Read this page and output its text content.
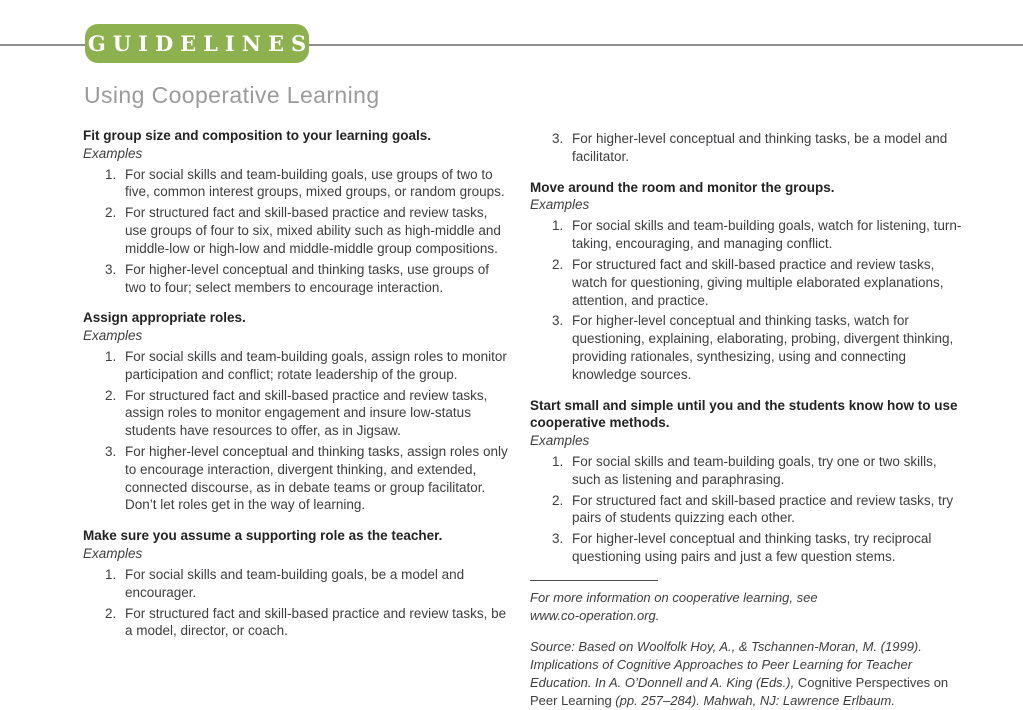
GUIDELINES
Using Cooperative Learning
Fit group size and composition to your learning goals.
Examples
1. For social skills and team-building goals, use groups of two to five, common interest groups, mixed groups, or random groups.
2. For structured fact and skill-based practice and review tasks, use groups of four to six, mixed ability such as high-middle and middle-low or high-low and middle-middle group compositions.
3. For higher-level conceptual and thinking tasks, use groups of two to four; select members to encourage interaction.
Assign appropriate roles.
Examples
1. For social skills and team-building goals, assign roles to monitor participation and conflict; rotate leadership of the group.
2. For structured fact and skill-based practice and review tasks, assign roles to monitor engagement and insure low-status students have resources to offer, as in Jigsaw.
3. For higher-level conceptual and thinking tasks, assign roles only to encourage interaction, divergent thinking, and extended, connected discourse, as in debate teams or group facilitator. Don’t let roles get in the way of learning.
Make sure you assume a supporting role as the teacher.
Examples
1. For social skills and team-building goals, be a model and encourager.
2. For structured fact and skill-based practice and review tasks, be a model, director, or coach.
3. For higher-level conceptual and thinking tasks, be a model and facilitator.
Move around the room and monitor the groups.
Examples
1. For social skills and team-building goals, watch for listening, turn-taking, encouraging, and managing conflict.
2. For structured fact and skill-based practice and review tasks, watch for questioning, giving multiple elaborated explanations, attention, and practice.
3. For higher-level conceptual and thinking tasks, watch for questioning, explaining, elaborating, probing, divergent thinking, providing rationales, synthesizing, using and connecting knowledge sources.
Start small and simple until you and the students know how to use cooperative methods.
Examples
1. For social skills and team-building goals, try one or two skills, such as listening and paraphrasing.
2. For structured fact and skill-based practice and review tasks, try pairs of students quizzing each other.
3. For higher-level conceptual and thinking tasks, try reciprocal questioning using pairs and just a few question stems.
For more information on cooperative learning, see www.co-operation.org.
Source: Based on Woolfolk Hoy, A., & Tschannen-Moran, M. (1999). Implications of Cognitive Approaches to Peer Learning for Teacher Education. In A. O’Donnell and A. King (Eds.), Cognitive Perspectives on Peer Learning (pp. 257–284). Mahwah, NJ: Lawrence Erlbaum.
